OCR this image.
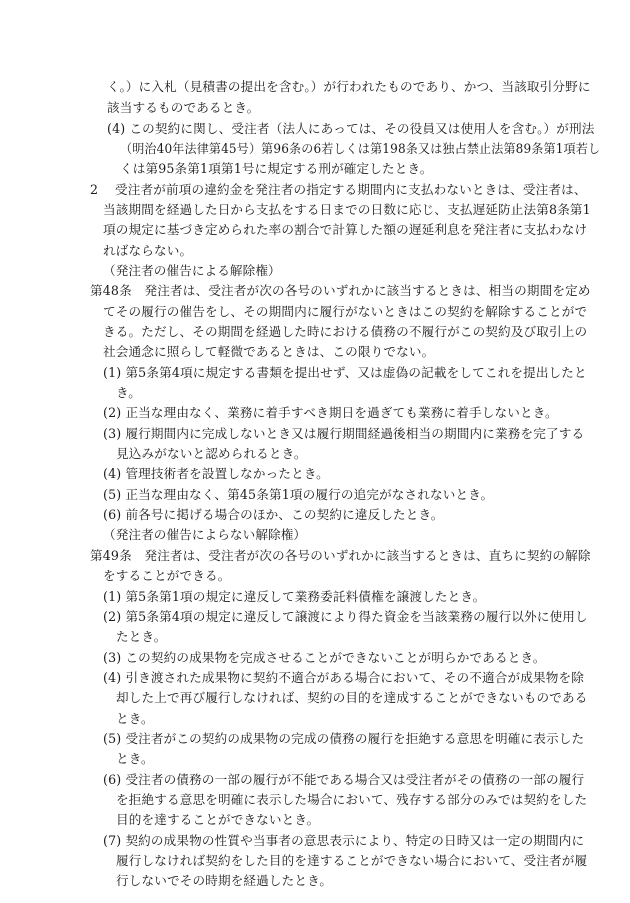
く。）に入札（見積書の提出を含む。）が行われたものであり、かつ、当該取引分野に

該当するものであるとき。

(4) この契約に関し、受注者（法人にあっては、その役員又は使用人を含む。）が刑法

（明治40年法律第45号）第96条の6若しくは第198条又は独占禁止法第89条第1項若し

くは第95条第1項第1号に規定する刑が確定したとき。

2　 受注者が前項の違約金を発注者の指定する期間内に支払わないときは、受注者は、

当該期間を経過した日から支払をする日までの日数に応じ、支払遅延防止法第8条第1

項の規定に基づき定められた率の割合で計算した額の遅延利息を発注者に支払わなけ

ればならない。

（発注者の催告による解除権）

第48条　発注者は、受注者が次の各号のいずれかに該当するときは、相当の期間を定め

てその履行の催告をし、その期間内に履行がないときはこの契約を解除することがで

きる。ただし、その期間を経過した時における債務の不履行がこの契約及び取引上の

社会通念に照らして軽微であるときは、この限りでない。

(1) 第5条第4項に規定する書類を提出せず、又は虚偽の記載をしてこれを提出したと

き。

(2) 正当な理由なく、業務に着手すべき期日を過ぎても業務に着手しないとき。

(3) 履行期間内に完成しないとき又は履行期間経過後相当の期間内に業務を完了する

見込みがないと認められるとき。

(4) 管理技術者を設置しなかったとき。

(5) 正当な理由なく、第45条第1項の履行の追完がなされないとき。

(6) 前各号に掲げる場合のほか、この契約に違反したとき。

（発注者の催告によらない解除権）

第49条　発注者は、受注者が次の各号のいずれかに該当するときは、直ちに契約の解除

をすることができる。

(1) 第5条第1項の規定に違反して業務委託料債権を譲渡したとき。

(2) 第5条第4項の規定に違反して譲渡により得た資金を当該業務の履行以外に使用し

たとき。

(3) この契約の成果物を完成させることができないことが明らかであるとき。

(4) 引き渡された成果物に契約不適合がある場合において、その不適合が成果物を除

却した上で再び履行しなければ、契約の目的を達成することができないものである

とき。

(5) 受注者がこの契約の成果物の完成の債務の履行を拒絶する意思を明確に表示した

とき。

(6) 受注者の債務の一部の履行が不能である場合又は受注者がその債務の一部の履行

を拒絶する意思を明確に表示した場合において、残存する部分のみでは契約をした

目的を達することができないとき。

(7) 契約の成果物の性質や当事者の意思表示により、特定の日時又は一定の期間内に

履行しなければ契約をした目的を達することができない場合において、受注者が履

行しないでその時期を経過したとき。
